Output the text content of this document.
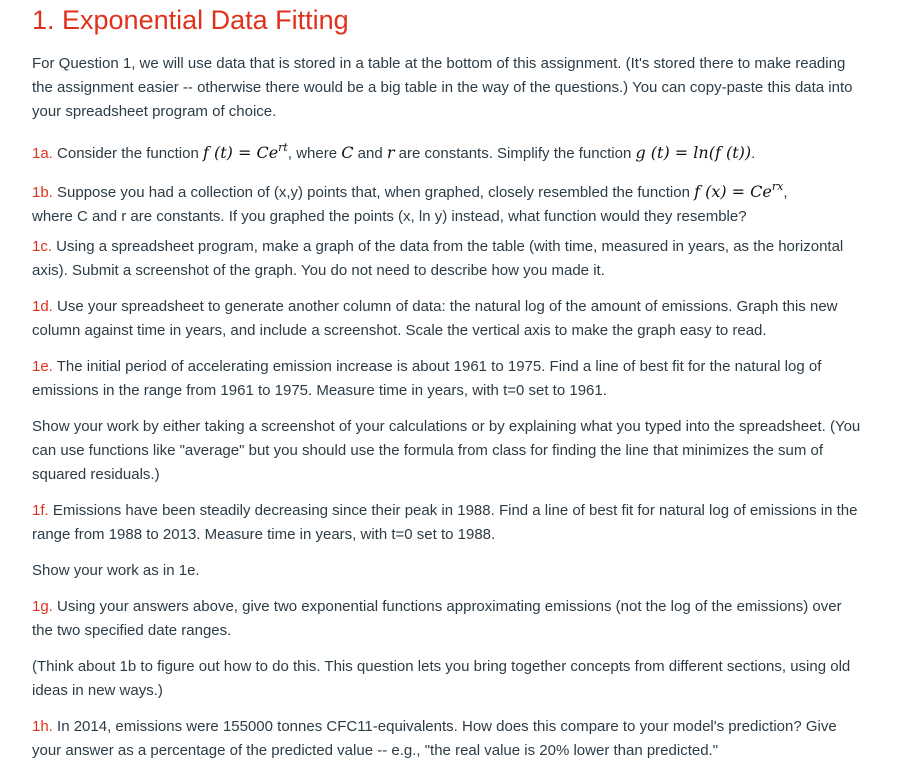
1. Exponential Data Fitting

For Question 1, we will use data that is stored in a table at the bottom of this assignment. (It's stored there to make reading the assignment easier -- otherwise there would be a big table in the way of the questions.) You can copy-paste this data into your spreadsheet program of choice.

1a. Consider the function f $(t) = Ce^{rt}$, where C and r are constants. Simplify the function g (t) = ln(f (t)).

1b. Suppose you had a collection of (x,y) points that, when graphed, closely resembled the function f $(x) = Ce^{rx}$,
where C and r are constants. If you graphed the points (x, ln y) instead, what function would they resemble?

1c. Using a spreadsheet program, make a graph of the data from the table (with time, measured in years, as the horizontal axis). Submit a screenshot of the graph. You do not need to describe how you made it.

1d. Use your spreadsheet to generate another column of data: the natural log of the amount of emissions. Graph this new column against time in years, and include a screenshot. Scale the vertical axis to make the graph easy to read.

1e. The initial period of accelerating emission increase is about 1961 to 1975. Find a line of best fit for the natural log of emissions in the range from 1961 to 1975. Measure time in years, with t=0 set to 1961.

Show your work by either taking a screenshot of your calculations or by explaining what you typed into the spreadsheet. (You can use functions like "average" but you should use the formula from class for finding the line that minimizes the sum of squared residuals.)

1f. Emissions have been steadily decreasing since their peak in 1988. Find a line of best fit for natural log of emissions in the range from 1988 to 2013. Measure time in years, with t=0 set to 1988.

Show your work as in 1e.

1g. Using your answers above, give two exponential functions approximating emissions (not the log of the emissions) over the two specified date ranges.

(Think about 1b to figure out how to do this. This question lets you bring together concepts from different sections, using old ideas in new ways.)

1h. In 2014, emissions were 155000 tonnes CFC11-equivalents. How does this compare to your model's prediction? Give your answer as a percentage of the predicted value -- e.g., "the real value is 20% lower than predicted."
